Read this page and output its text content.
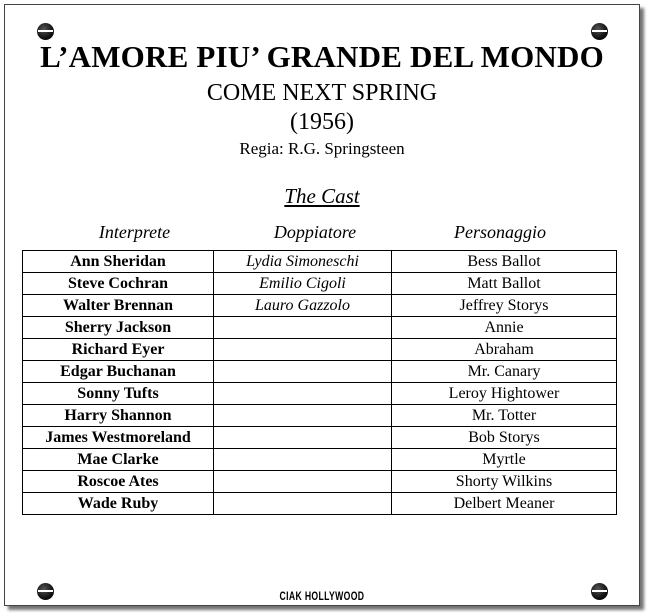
L’AMORE PIU’ GRANDE DEL MONDO
COME NEXT SPRING
(1956)
Regia: R.G. Springsteen
The Cast
Interprete	Doppiatore	Personaggio
Ann Sheridan	Lydia Simoneschi	Bess Ballot
Steve Cochran	Emilio Cigoli	Matt Ballot
Walter Brennan	Lauro Gazzolo	Jeffrey Storys
Sherry Jackson		Annie
Richard Eyer		Abraham
Edgar Buchanan		Mr. Canary
Sonny Tufts		Leroy Hightower
Harry Shannon		Mr. Totter
James Westmoreland		Bob Storys
Mae Clarke		Myrtle
Roscoe Ates		Shorty Wilkins
Wade Ruby		Delbert Meaner
CIAK HOLLYWOOD
